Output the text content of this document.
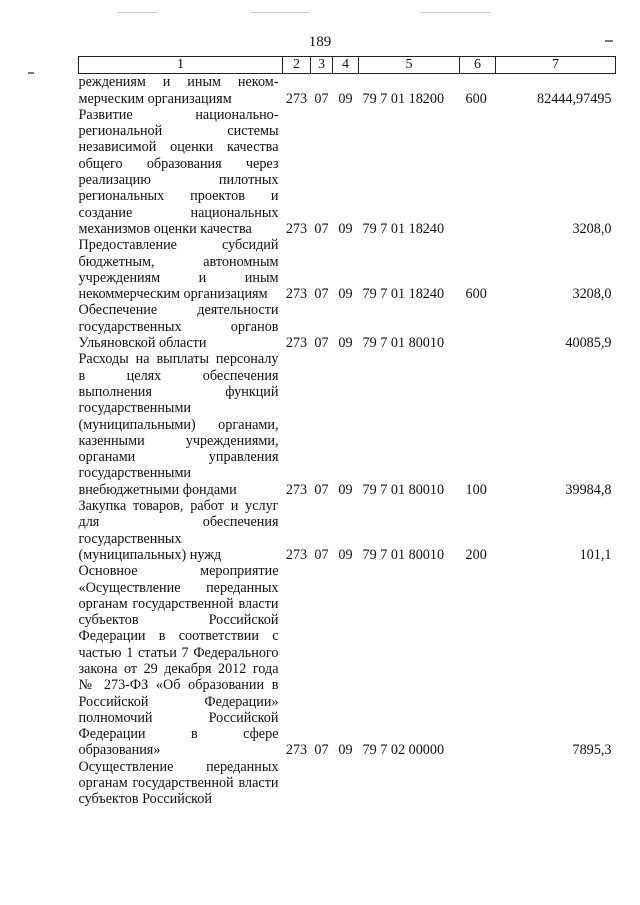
189
1	2	3	4	5	6	7
реждениям и иным неком-мерческим организациям	273	07	09	79 7 01 18200	600	82444,97495
Развитие национально-региональной системы независимой оценки качества общего образования через реализацию пилотных региональных проектов и создание национальных механизмов оценки качества	273	07	09	79 7 01 18240		3208,0
Предоставление субсидий бюджетным, автономным учреждениям и иным некоммерческим организациям	273	07	09	79 7 01 18240	600	3208,0
Обеспечение деятельности государственных органов Ульяновской области	273	07	09	79 7 01 80010		40085,9
Расходы на выплаты персоналу в целях обеспечения выполнения функций государственными (муниципальными) органами, казенными учреждениями, органами управления государственными внебюджетными фондами	273	07	09	79 7 01 80010	100	39984,8
Закупка товаров, работ и услуг для обеспечения государственных (муниципальных) нужд	273	07	09	79 7 01 80010	200	101,1
Основное мероприятие «Осуществление переданных органам государственной власти субъектов Российской Федерации в соответствии с частью 1 статьи 7 Федерального закона от 29 декабря 2012 года № 273-ФЗ «Об образовании в Российской Федерации» полномочий Российской Федерации в сфере образования»	273	07	09	79 7 02 00000		7895,3
Осуществление переданных органам государственной власти субъектов Российской						
